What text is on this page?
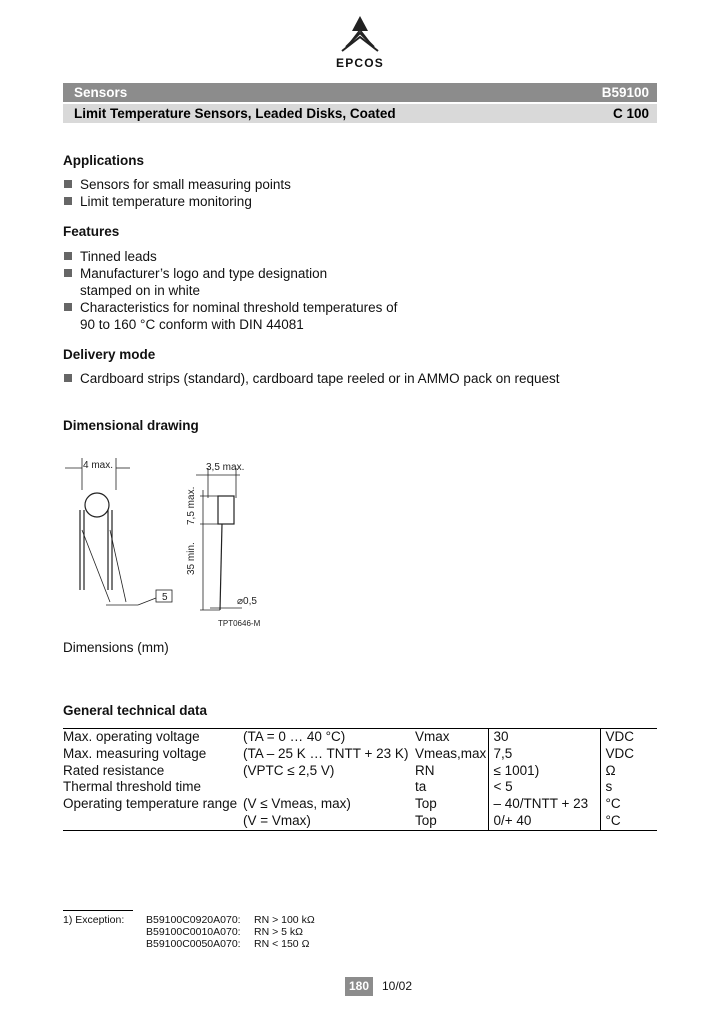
EPCOS
Sensors	B59100
Limit Temperature Sensors, Leaded Disks, Coated	C 100
Applications
Sensors for small measuring points
Limit temperature monitoring
Features
Tinned leads
Manufacturer’s logo and type designation
stamped on in white
Characteristics for nominal threshold temperatures of
90 to 160 °C conform with DIN 44081
Delivery mode
Cardboard strips (standard), cardboard tape reeled or in AMMO pack on request
Dimensional drawing
4 max.	3,5 max.
7,5 max.
35 min.
5	⌀0,5
TPT0646-M
Dimensions (mm)
General technical data
Max. operating voltage	(TA = 0 … 40 °C)	Vmax	30	VDC
Max. measuring voltage	(TA – 25 K … TNTT + 23 K)	Vmeas,max	7,5	VDC
Rated resistance	(VPTC ≤ 2,5 V)	RN	≤ 1001)	Ω
Thermal threshold time		ta	< 5	s
Operating temperature range	(V ≤ Vmeas, max)	Top	– 40/TNTT + 23	°C
	(V = Vmax)	Top	0/+ 40	°C
1) Exception:	B59100C0920A070:	RN > 100 kΩ
B59100C0010A070:	RN > 5 kΩ
B59100C0050A070:	RN < 150 Ω
180	10/02
